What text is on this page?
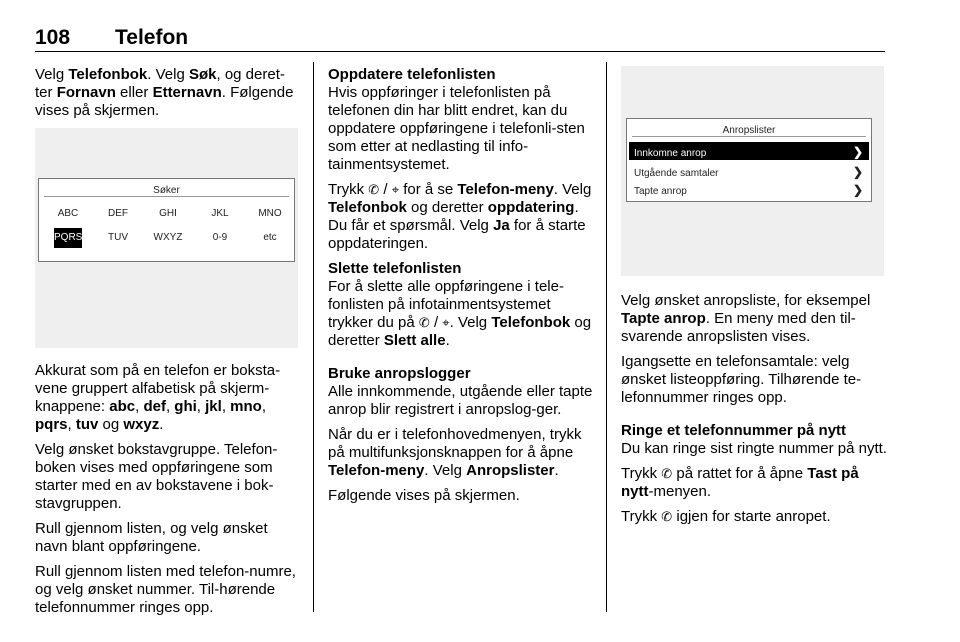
108 Telefon

Velg Telefonbok. Velg Søk, og deret-ter Fornavn eller Etternavn. Følgende vises på skjermen.

Søker
ABC	DEF	GHI	JKL	MNO
PQRS	TUV	WXYZ	0-9	etc

Akkurat som på en telefon er boksta-vene gruppert alfabetisk på skjerm-knappene: abc, def, ghi, jkl, mno, pqrs, tuv og wxyz.

Velg ønsket bokstavgruppe. Telefon-boken vises med oppføringene som starter med en av bokstavene i bok-stavgruppen.

Rull gjennom listen, og velg ønsket navn blant oppføringene.

Rull gjennom listen med telefon-numre, og velg ønsket nummer. Til-hørende telefonnummer ringes opp.

Oppdatere telefonlisten

Hvis oppføringer i telefonlisten på telefonen din har blitt endret, kan du oppdatere oppføringene i telefonli-sten som etter at nedlasting til info-tainmentsystemet.

Trykk ✆ / ⌖ for å se Telefon-meny. Velg Telefonbok og deretter oppdatering. Du får et spørsmål. Velg Ja for å starte oppdateringen.

Slette telefonlisten

For å slette alle oppføringene i tele-fonlisten på infotainmentsystemet trykker du på ✆ / ⌖. Velg Telefonbok og deretter Slett alle.

Bruke anropslogger

Alle innkommende, utgående eller tapte anrop blir registrert i anropslog-ger.

Når du er i telefonhovedmenyen, trykk på multifunksjonsknappen for å åpne Telefon-meny. Velg Anropslister.

Følgende vises på skjermen.

Anropslister
Innkomne anrop	❯
Utgående samtaler	❯
Tapte anrop	❯

Velg ønsket anropsliste, for eksempel Tapte anrop. En meny med den til-svarende anropslisten vises.

Igangsette en telefonsamtale: velg ønsket listeoppføring. Tilhørende te-lefonnummer ringes opp.

Ringe et telefonnummer på nytt

Du kan ringe sist ringte nummer på nytt.

Trykk ✆ på rattet for å åpne Tast på nytt-menyen.

Trykk ✆ igjen for starte anropet.
